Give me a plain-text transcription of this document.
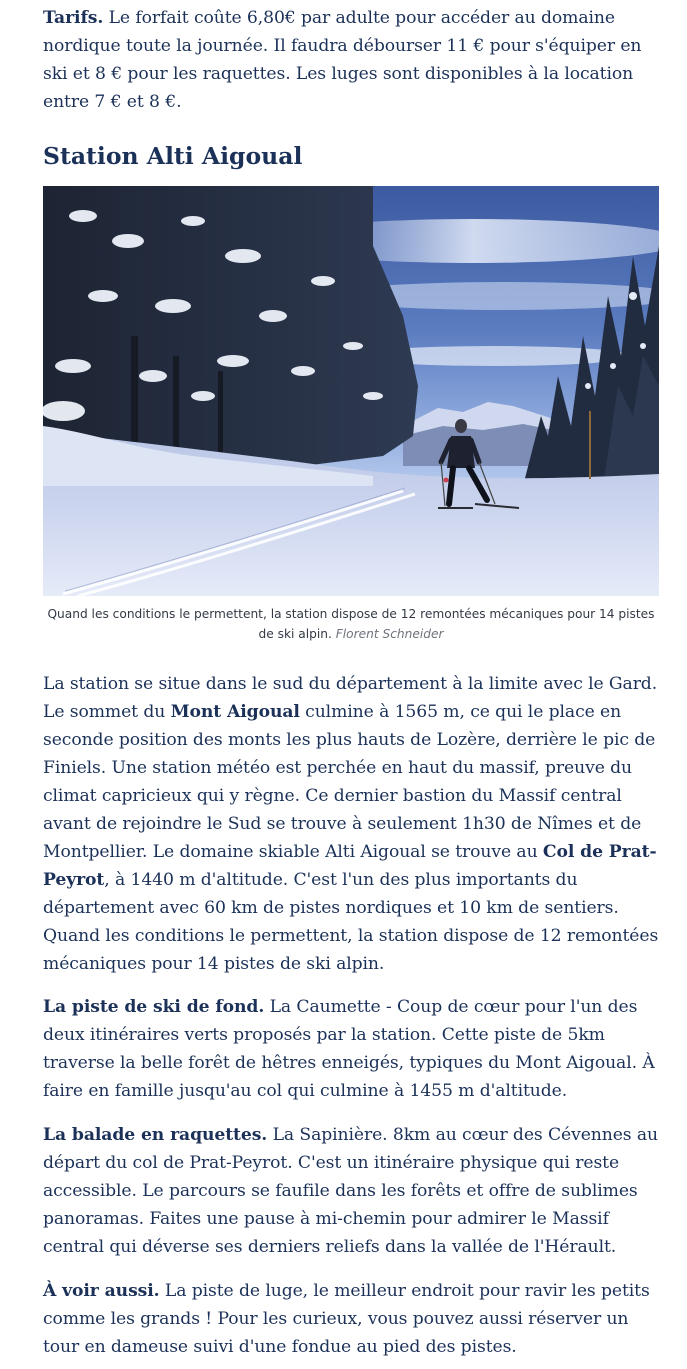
Tarifs. Le forfait coûte 6,80€ par adulte pour accéder au domaine nordique toute la journée. Il faudra débourser 11 € pour s'équiper en ski et 8 € pour les raquettes. Les luges sont disponibles à la location entre 7 € et 8 €.

Station Alti Aigoual
Quand les conditions le permettent, la station dispose de 12 remontées mécaniques pour 14 pistes de ski alpin. Florent Schneider

La station se situe dans le sud du département à la limite avec le Gard. Le sommet du Mont Aigoual culmine à 1565 m, ce qui le place en seconde position des monts les plus hauts de Lozère, derrière le pic de Finiels. Une station météo est perchée en haut du massif, preuve du climat capricieux qui y règne. Ce dernier bastion du Massif central avant de rejoindre le Sud se trouve à seulement 1h30 de Nîmes et de Montpellier. Le domaine skiable Alti Aigoual se trouve au Col de Prat-Peyrot, à 1440 m d'altitude. C'est l'un des plus importants du département avec 60 km de pistes nordiques et 10 km de sentiers. Quand les conditions le permettent, la station dispose de 12 remontées mécaniques pour 14 pistes de ski alpin.

La piste de ski de fond. La Caumette - Coup de cœur pour l'un des deux itinéraires verts proposés par la station. Cette piste de 5km traverse la belle forêt de hêtres enneigés, typiques du Mont Aigoual. À faire en famille jusqu'au col qui culmine à 1455 m d'altitude.

La balade en raquettes. La Sapinière. 8km au cœur des Cévennes au départ du col de Prat-Peyrot. C'est un itinéraire physique qui reste accessible. Le parcours se faufile dans les forêts et offre de sublimes panoramas. Faites une pause à mi-chemin pour admirer le Massif central qui déverse ses derniers reliefs dans la vallée de l'Hérault.

À voir aussi. La piste de luge, le meilleur endroit pour ravir les petits comme les grands ! Pour les curieux, vous pouvez aussi réserver un tour en dameuse suivi d'une fondue au pied des pistes.
